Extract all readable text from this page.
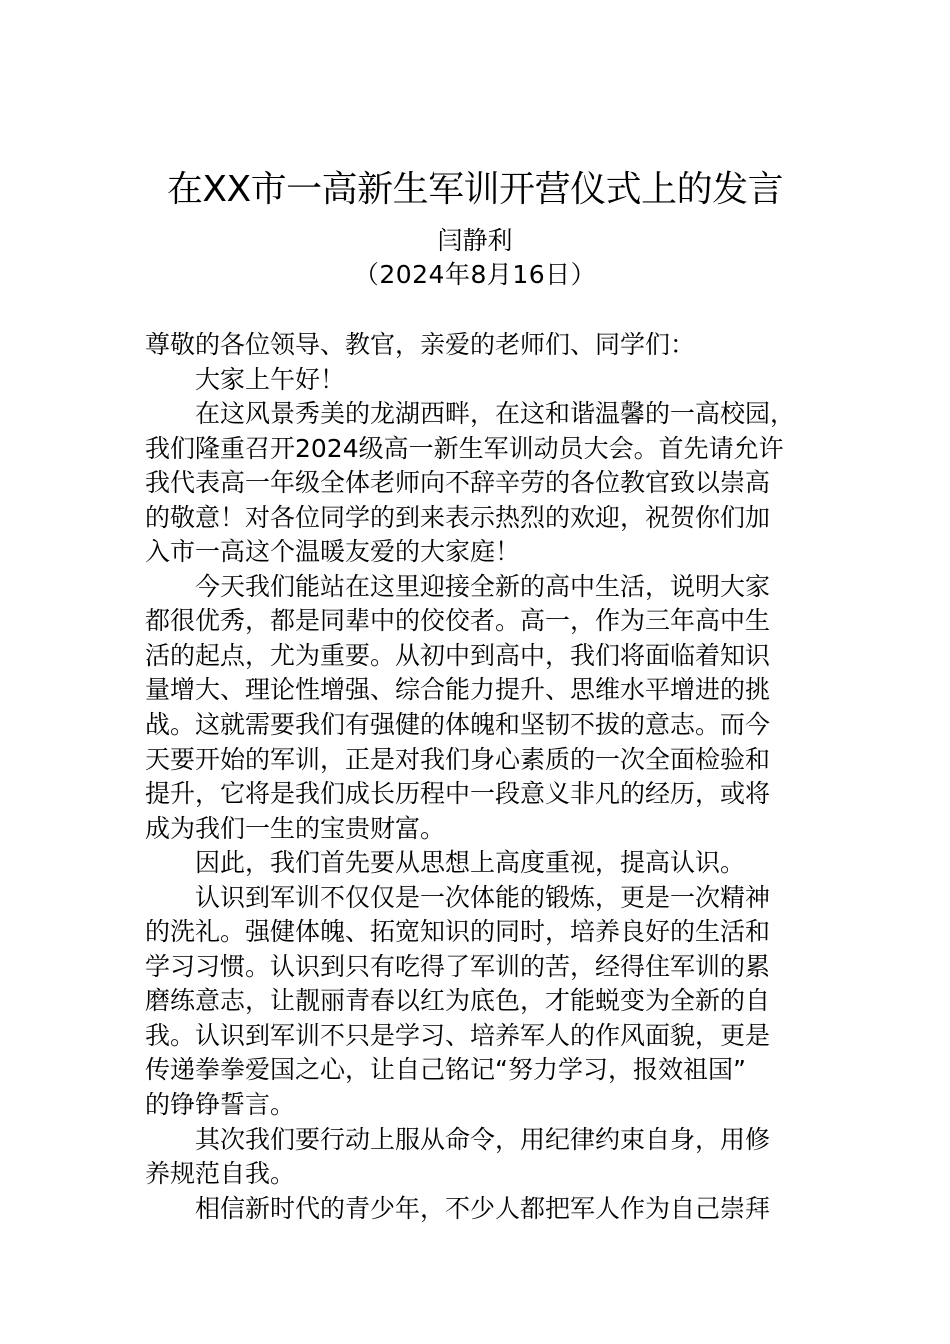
在XX市一高新生军训开营仪式上的发言
闫静利
（2024年8月16日）
尊敬的各位领导、教官，亲爱的老师们、同学们：
大家上午好！
在这风景秀美的龙湖西畔，在这和谐温馨的一高校园，
我们隆重召开2024级高一新生军训动员大会。首先请允许
我代表高一年级全体老师向不辞辛劳的各位教官致以崇高
的敬意！对各位同学的到来表示热烈的欢迎，祝贺你们加
入市一高这个温暖友爱的大家庭！
今天我们能站在这里迎接全新的高中生活，说明大家
都很优秀，都是同辈中的佼佼者。高一，作为三年高中生
活的起点，尤为重要。从初中到高中，我们将面临着知识
量增大、理论性增强、综合能力提升、思维水平增进的挑
战。这就需要我们有强健的体魄和坚韧不拔的意志。而今
天要开始的军训，正是对我们身心素质的一次全面检验和
提升，它将是我们成长历程中一段意义非凡的经历，或将
成为我们一生的宝贵财富。
因此，我们首先要从思想上高度重视，提高认识。
认识到军训不仅仅是一次体能的锻炼，更是一次精神
的洗礼。强健体魄、拓宽知识的同时，培养良好的生活和
学习习惯。认识到只有吃得了军训的苦，经得住军训的累
磨练意志，让靓丽青春以红为底色，才能蜕变为全新的自
我。认识到军训不只是学习、培养军人的作风面貌，更是
传递拳拳爱国之心，让自己铭记“努力学习，报效祖国”
的铮铮誓言。
其次我们要行动上服从命令，用纪律约束自身，用修
养规范自我。
相信新时代的青少年，不少人都把军人作为自己崇拜
